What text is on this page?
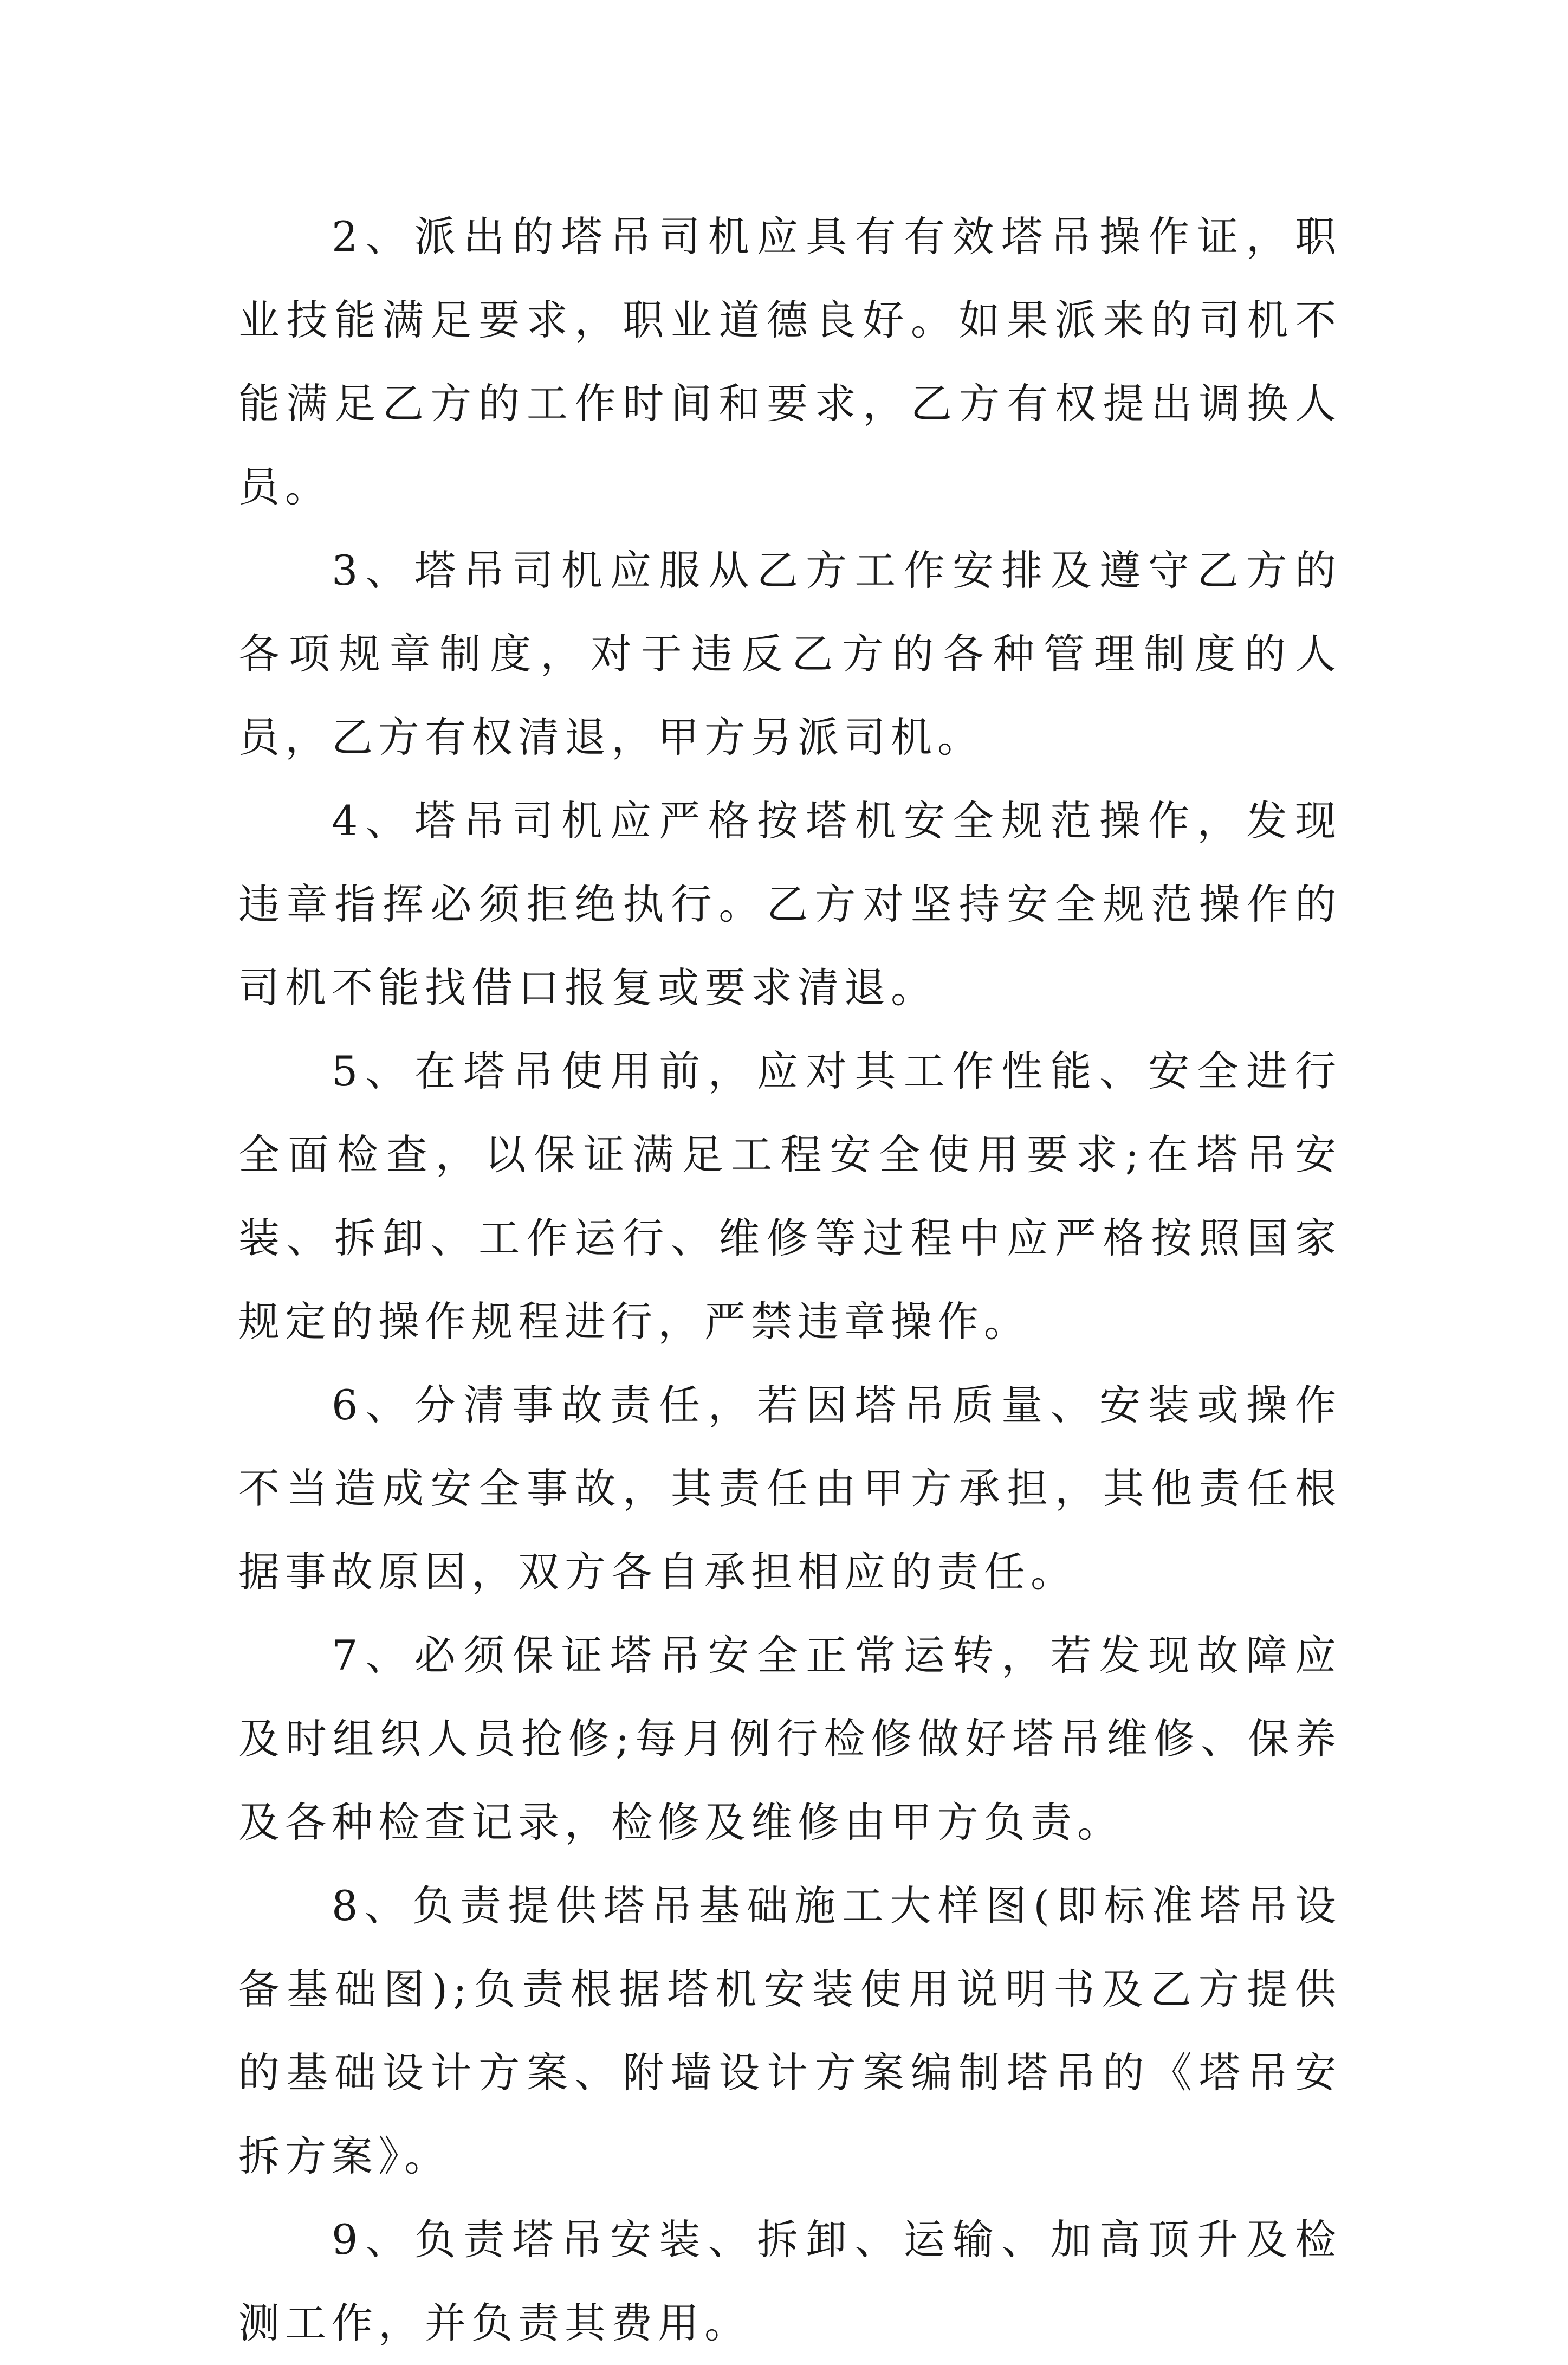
2、派出的塔吊司机应具有有效塔吊操作证，职业技能满足要求，职业道德良好。如果派来的司机不能满足乙方的工作时间和要求，乙方有权提出调换人员。

3、塔吊司机应服从乙方工作安排及遵守乙方的各项规章制度，对于违反乙方的各种管理制度的人员，乙方有权清退，甲方另派司机。

4、塔吊司机应严格按塔机安全规范操作，发现违章指挥必须拒绝执行。乙方对坚持安全规范操作的司机不能找借口报复或要求清退。

5、在塔吊使用前，应对其工作性能、安全进行全面检查，以保证满足工程安全使用要求;在塔吊安装、拆卸、工作运行、维修等过程中应严格按照国家规定的操作规程进行，严禁违章操作。

6、分清事故责任，若因塔吊质量、安装或操作不当造成安全事故，其责任由甲方承担，其他责任根据事故原因，双方各自承担相应的责任。

7、必须保证塔吊安全正常运转，若发现故障应及时组织人员抢修;每月例行检修做好塔吊维修、保养及各种检查记录，检修及维修由甲方负责。

8、负责提供塔吊基础施工大样图(即标准塔吊设备基础图);负责根据塔机安装使用说明书及乙方提供的基础设计方案、附墙设计方案编制塔吊的《塔吊安拆方案》。

9、负责塔吊安装、拆卸、运输、加高顶升及检测工作，并负责其费用。
